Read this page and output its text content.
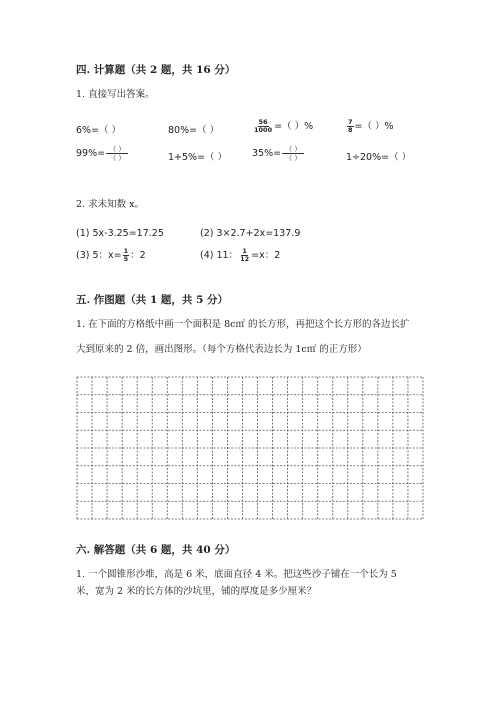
四. 计算题（共 2 题，共 16 分）
1. 直接写出答案。
6%=（ ）	80%=（ ）	$\frac{56}{1000}$ =（ ）%	$\frac{7}{8}$ =（ ）%
$99\%= \frac{( )}{( )}$	1+5%=（ ）	$35\%= \frac{( )}{( )}$	1÷20%=（ ）
2. 求未知数 x。
(1) 5x-3.25=17.25	(2) 3×2.7+2x=137.9
(3) 5：$x= \frac{1}{5}$ ：2	(4) 11： $\frac{1}{12} =x$：2
五. 作图题（共 1 题，共 5 分）
1. 在下面的方格纸中画一个面积是 8c㎡ 的长方形，再把这个长方形的各边长扩
大到原来的 2 倍，画出图形。（每个方格代表边长为 1c㎡ 的正方形）
六. 解答题（共 6 题，共 40 分）
1. 一个圆锥形沙堆，高是 6 米，底面直径 4 米。把这些沙子铺在一个长为 5
米，宽为 2 米的长方体的沙坑里，铺的厚度是多少厘米？
